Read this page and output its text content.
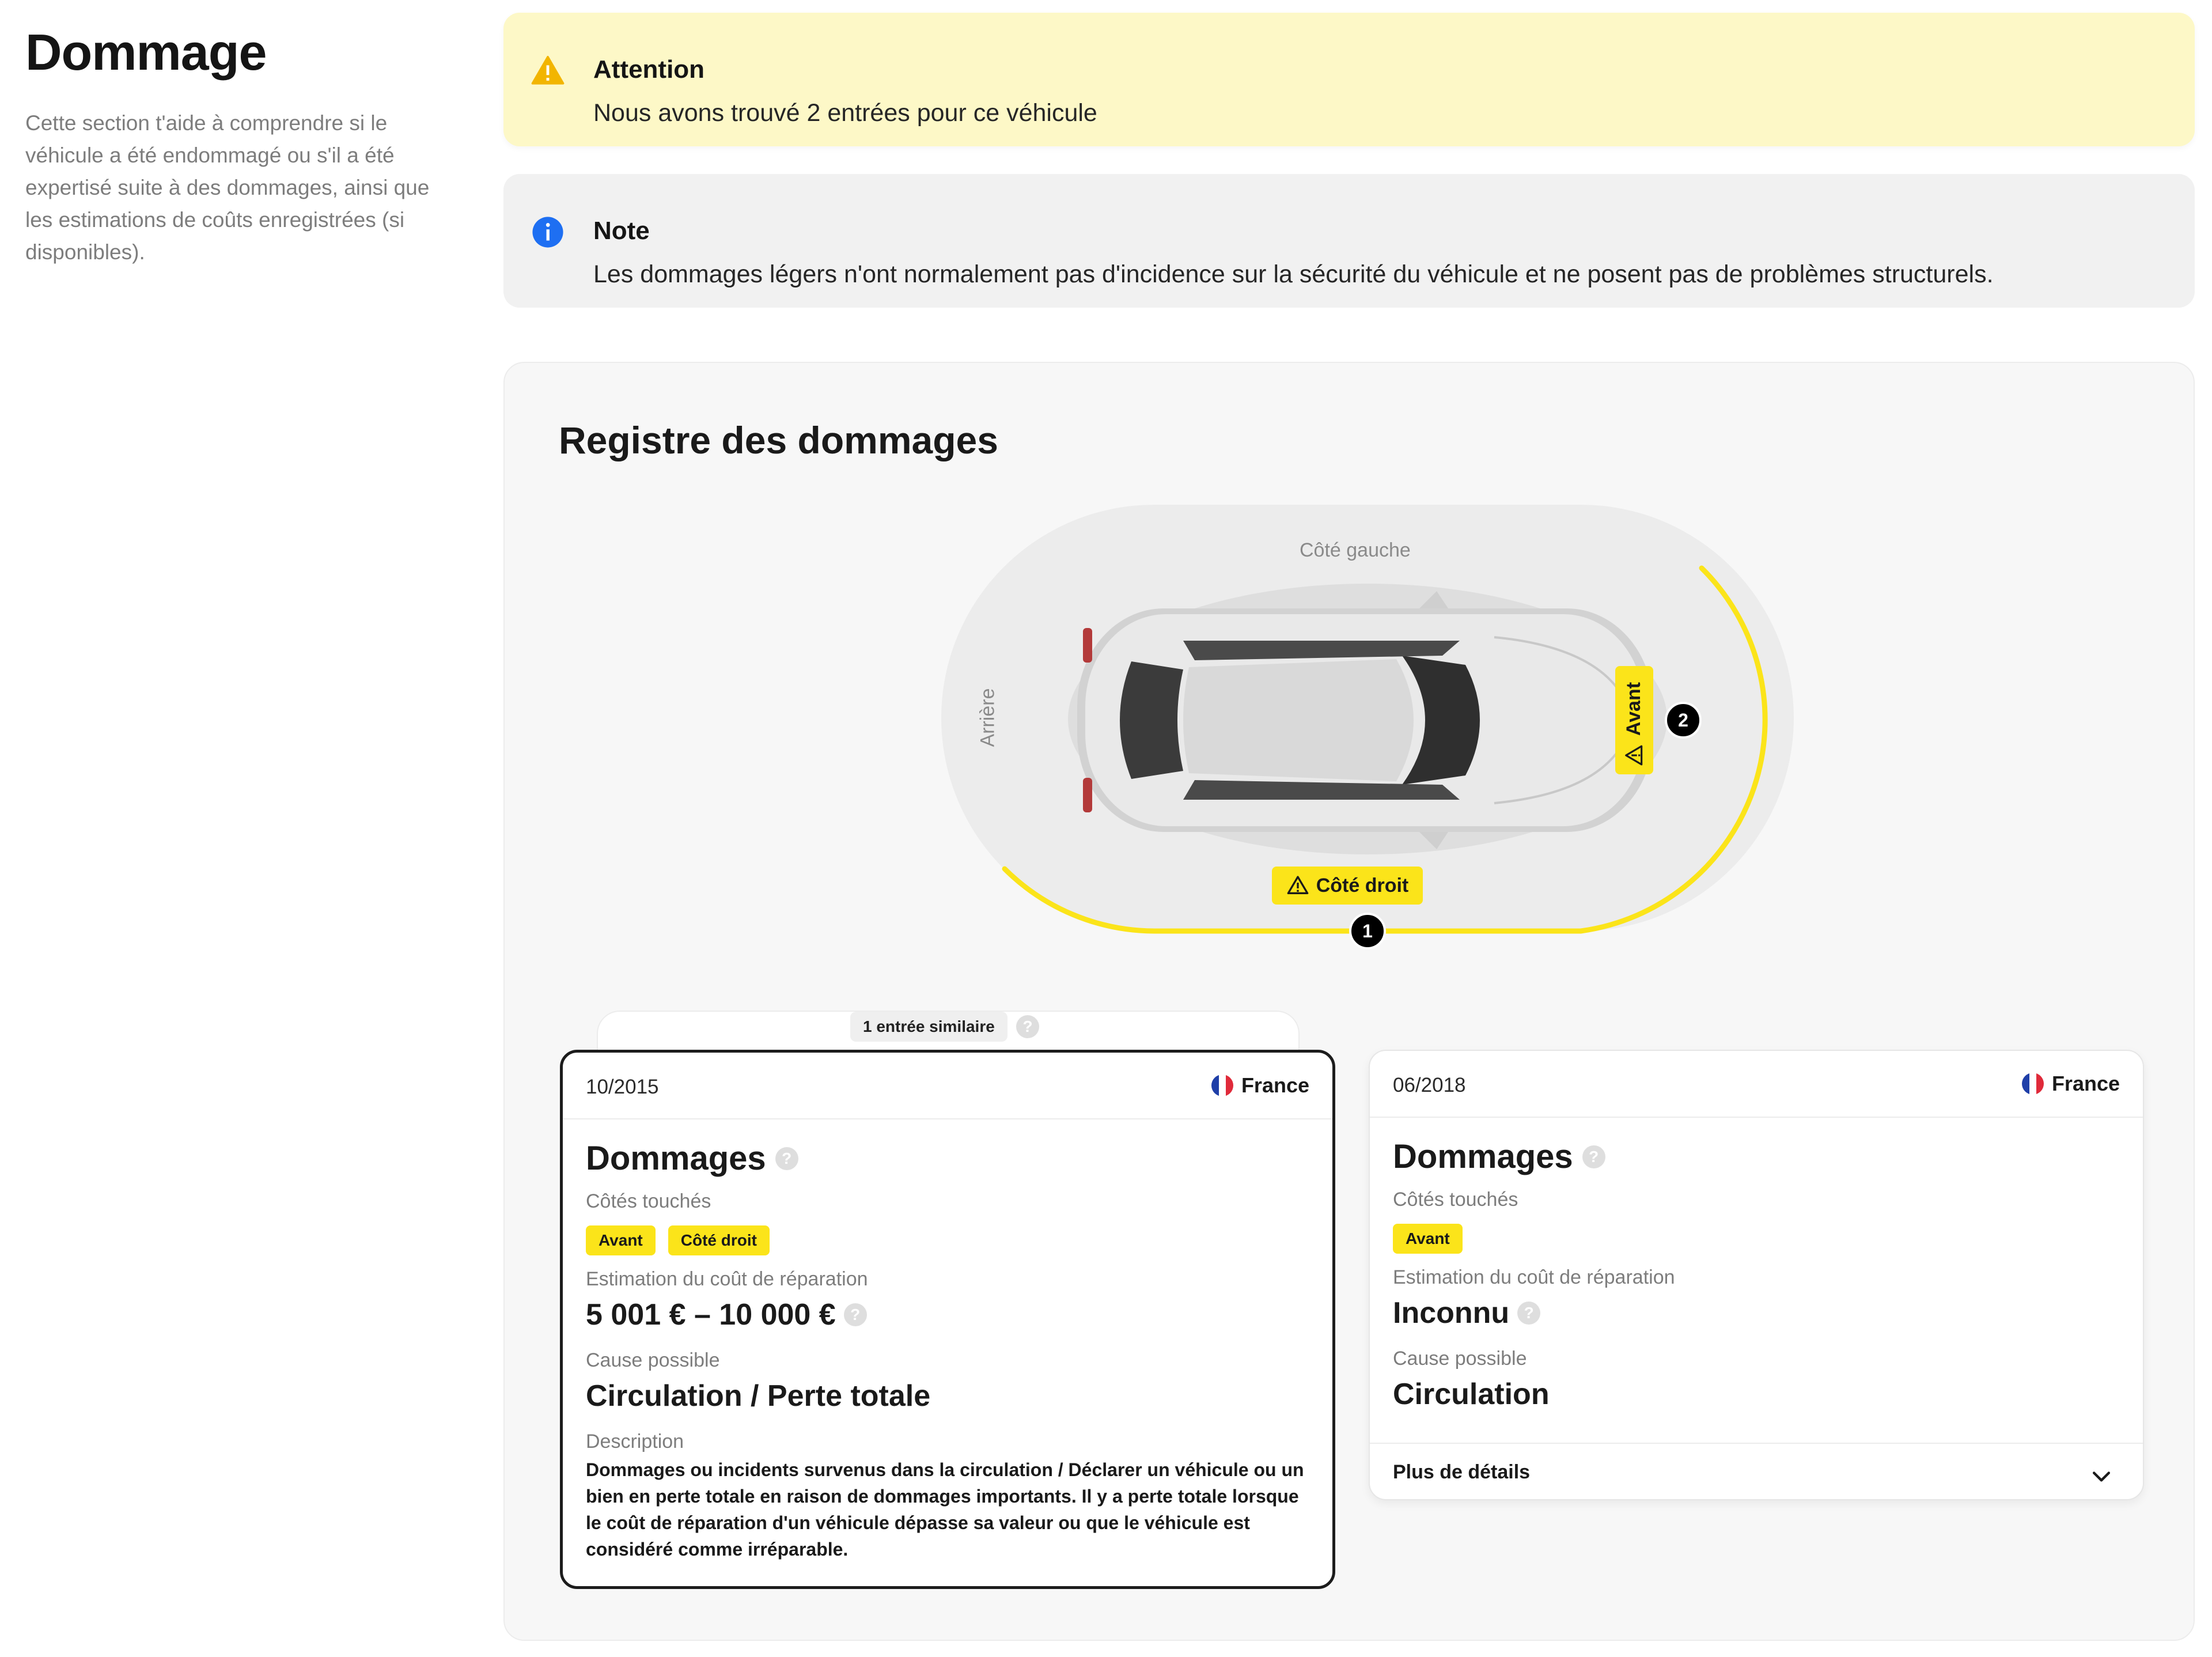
Dommage
Cette section t'aide à comprendre si le véhicule a été endommagé ou s'il a été expertisé suite à des dommages, ainsi que les estimations de coûts enregistrées (si disponibles).
Attention
Nous avons trouvé 2 entrées pour ce véhicule
Note
Les dommages légers n'ont normalement pas d'incidence sur la sécurité du véhicule et ne posent pas de problèmes structurels.
Registre des dommages
Côté gauche
Arrière	Avant
Côté droit
1
2
1 entrée similaire	?
10/2015	France
Dommages ?
Côtés touchés
Avant	Côté droit
Estimation du coût de réparation
5 001 € – 10 000 € ?
Cause possible
Circulation / Perte totale
Description
Dommages ou incidents survenus dans la circulation / Déclarer un véhicule ou un bien en perte totale en raison de dommages importants. Il y a perte totale lorsque le coût de réparation d'un véhicule dépasse sa valeur ou que le véhicule est considéré comme irréparable.
06/2018	France
Dommages ?
Côtés touchés
Avant
Estimation du coût de réparation
Inconnu ?
Cause possible
Circulation
Plus de détails
